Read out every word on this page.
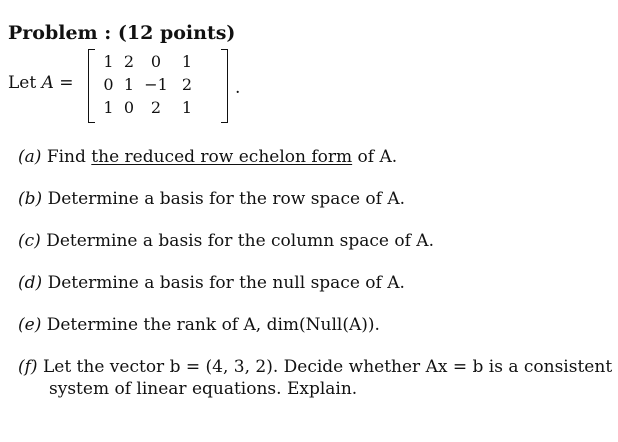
Problem : (12 points)
Let A =
1	2	0	1
0	1	−1	2
1	0	2	1
.
(a) Find the reduced row echelon form of A.
(b) Determine a basis for the row space of A.
(c) Determine a basis for the column space of A.
(d) Determine a basis for the null space of A.
(e) Determine the rank of A, dim(Null(A)).
(f) Let the vector b = (4, 3, 2). Decide whether Ax = b is a consistent
system of linear equations. Explain.
